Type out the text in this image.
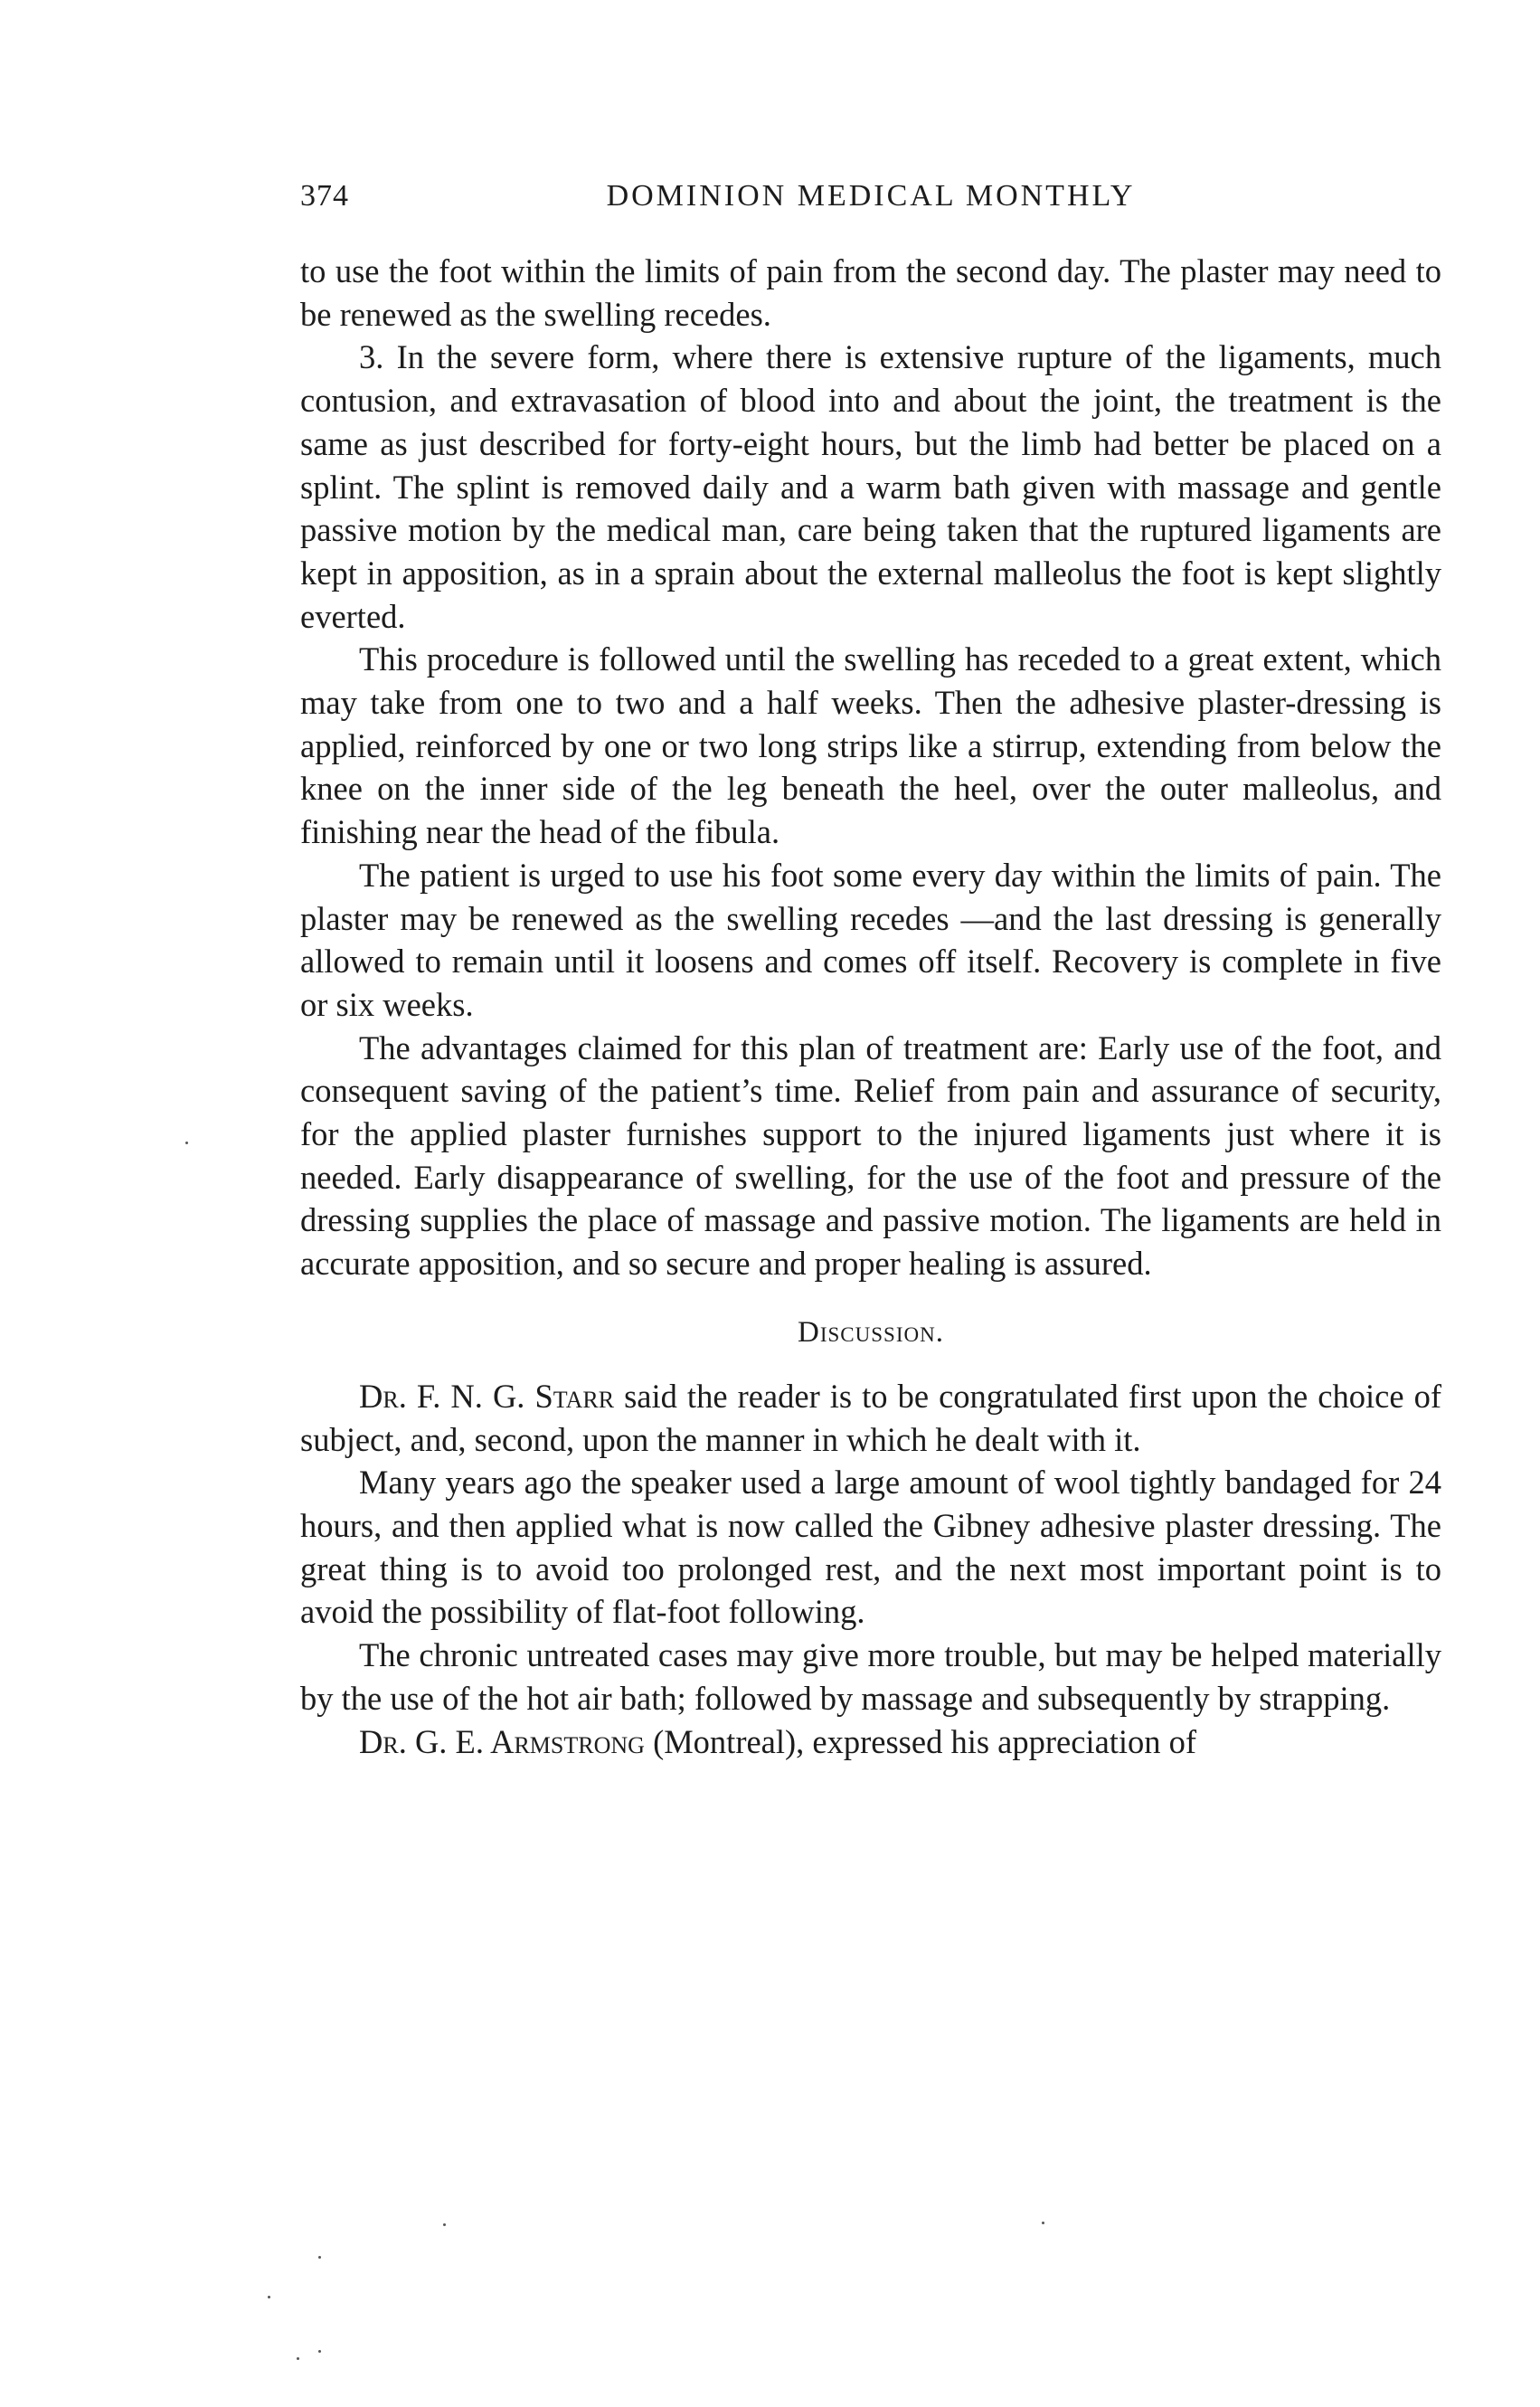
374	DOMINION MEDICAL MONTHLY

to use the foot within the limits of pain from the second day. The plaster may need to be renewed as the swelling recedes.

3. In the severe form, where there is extensive rupture of the ligaments, much contusion, and extravasation of blood into and about the joint, the treatment is the same as just described for forty-eight hours, but the limb had better be placed on a splint. The splint is removed daily and a warm bath given with massage and gentle passive motion by the medical man, care being taken that the ruptured ligaments are kept in apposition, as in a sprain about the external malleolus the foot is kept slightly everted.

This procedure is followed until the swelling has receded to a great extent, which may take from one to two and a half weeks. Then the adhesive plaster-dressing is applied, reinforced by one or two long strips like a stirrup, extending from below the knee on the inner side of the leg beneath the heel, over the outer malleolus, and finishing near the head of the fibula.

The patient is urged to use his foot some every day within the limits of pain. The plaster may be renewed as the swelling recedes —and the last dressing is generally allowed to remain until it loosens and comes off itself. Recovery is complete in five or six weeks.

The advantages claimed for this plan of treatment are: Early use of the foot, and consequent saving of the patient’s time. Relief from pain and assurance of security, for the applied plaster furnishes support to the injured ligaments just where it is needed. Early disappearance of swelling, for the use of the foot and pressure of the dressing supplies the place of massage and passive motion. The ligaments are held in accurate apposition, and so secure and proper healing is assured.

Discussion.

Dr. F. N. G. Starr said the reader is to be congratulated first upon the choice of subject, and, second, upon the manner in which he dealt with it.

Many years ago the speaker used a large amount of wool tightly bandaged for 24 hours, and then applied what is now called the Gibney adhesive plaster dressing. The great thing is to avoid too prolonged rest, and the next most important point is to avoid the possibility of flat-foot following.

The chronic untreated cases may give more trouble, but may be helped materially by the use of the hot air bath; followed by massage and subsequently by strapping.

Dr. G. E. Armstrong (Montreal), expressed his appreciation of
